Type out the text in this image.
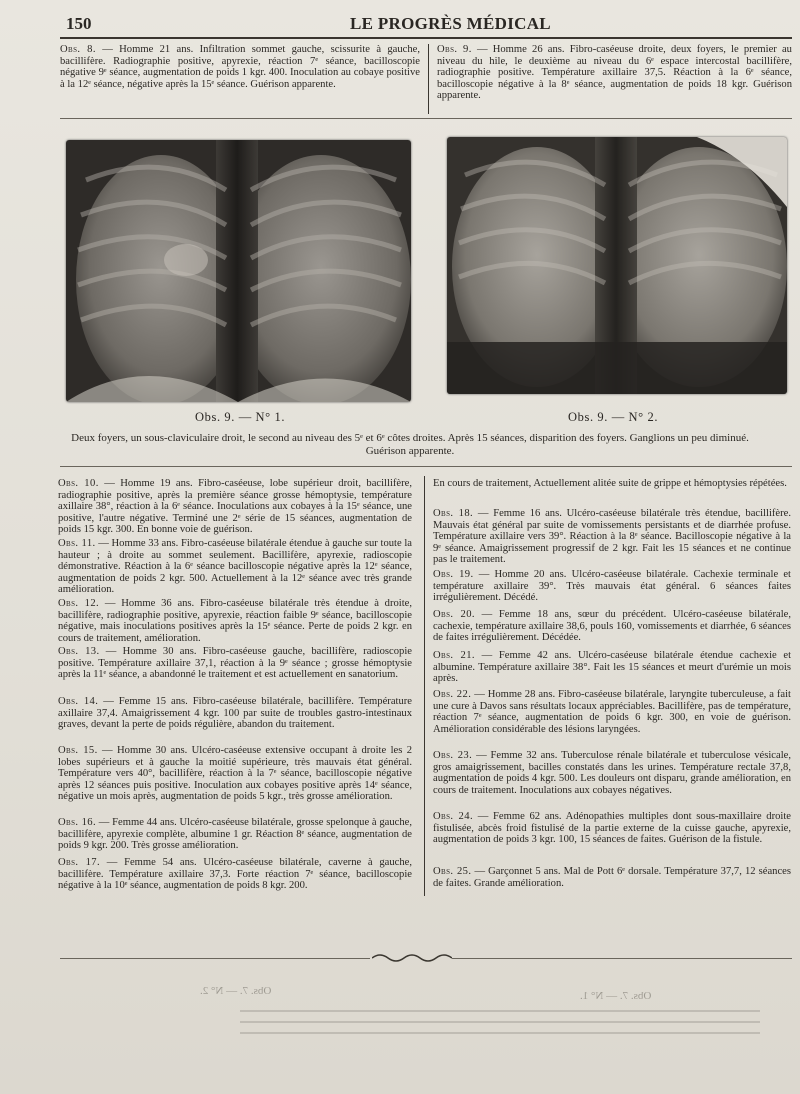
150	LE PROGRÈS MÉDICAL
Obs. 8. — Homme 21 ans. Infiltration sommet gauche, scissurite à gauche, bacillifère. Radiographie positive, apyrexie, réaction 7ᵉ séance, bacilloscopie négative 9ᵉ séance, augmentation de poids 1 kgr. 400. Inoculation au cobaye positive à la 12ᵉ séance, négative après la 15ᵉ séance. Guérison apparente.
Obs. 9. — Homme 26 ans. Fibro-caséeuse droite, deux foyers, le premier au niveau du hile, le deuxième au niveau du 6ᵉ espace intercostal bacillifère, radiographie positive. Température axillaire 37,5. Réaction à la 6ᵉ séance, bacilloscopie négative à la 8ᵉ séance, augmentation de poids 18 kgr. Guérison apparente.
Obs. 9. — N° 1.	Obs. 9. — N° 2.
Deux foyers, un sous-claviculaire droit, le second au niveau des 5ᵉ et 6ᵉ côtes droites. Après 15 séances, disparition des foyers. Ganglions un peu diminué. Guérison apparente.
Obs. 10. — Homme 19 ans. Fibro-caséeuse, lobe supérieur droit, bacillifère, radiographie positive, après la première séance grosse hémoptysie, température axillaire 38°, réaction à la 6ᵉ séance. Inoculations aux cobayes à la 15ᵉ séance, une positive, l'autre négative. Terminé une 2ᵉ série de 15 séances, augmentation de poids 15 kgr. 300. En bonne voie de guérison.
Obs. 11. — Homme 33 ans. Fibro-caséeuse bilatérale étendue à gauche sur toute la hauteur ; à droite au sommet seulement. Bacillifère, apyrexie, radioscopie démonstrative. Réaction à la 6ᵉ séance bacilloscopie négative après la 12ᵉ séance, augmentation de poids 2 kgr. 500. Actuellement à la 12ᵉ séance avec très grande amélioration.
Obs. 12. — Homme 36 ans. Fibro-caséeuse bilatérale très étendue à droite, bacillifère, radiographie positive, apyrexie, réaction faible 9ᵉ séance, bacilloscopie négative, mais inoculations positives après la 15ᵉ séance. Perte de poids 2 kgr. en cours de traitement, amélioration.
Obs. 13. — Homme 30 ans. Fibro-caséeuse gauche, bacillifère, radioscopie positive. Température axillaire 37,1, réaction à la 9ᵉ séance ; grosse hémoptysie après la 11ᵉ séance, a abandonné le traitement et est actuellement en sanatorium.
Obs. 14. — Femme 15 ans. Fibro-caséeuse bilatérale, bacillifère. Température axillaire 37,4. Amaigrissement 4 kgr. 100 par suite de troubles gastro-intestinaux graves, devant la perte de poids régulière, abandon du traitement.
Obs. 15. — Homme 30 ans. Ulcéro-caséeuse extensive occupant à droite les 2 lobes supérieurs et à gauche la moitié supérieure, très mauvais état général. Température vers 40°, bacillifère, réaction à la 7ᵉ séance, bacilloscopie négative après 12 séances puis positive. Inoculation aux cobayes positive après 14ᵉ séance, négative un mois après, augmentation de poids 5 kgr., très grosse amélioration.
Obs. 16. — Femme 44 ans. Ulcéro-caséeuse bilatérale, grosse spelonque à gauche, bacillifère, apyrexie complète, albumine 1 gr. Réaction 8ᵉ séance, augmentation de poids 9 kgr. 200. Très grosse amélioration.
Obs. 17. — Femme 54 ans. Ulcéro-caséeuse bilatérale, caverne à gauche, bacillifère. Température axillaire 37,3. Forte réaction 7ᵉ séance, bacilloscopie négative à la 10ᵉ séance, augmentation de poids 8 kgr. 200.
En cours de traitement, Actuellement alitée suite de grippe et hémoptysies répétées.
Obs. 18. — Femme 16 ans. Ulcéro-caséeuse bilatérale très étendue, bacillifère. Mauvais état général par suite de vomissements persistants et de diarrhée profuse. Température axillaire vers 39°. Réaction à la 8ᵉ séance. Bacilloscopie négative à la 9ᵉ séance. Amaigrissement progressif de 2 kgr. Fait les 15 séances et ne continue pas le traitement.
Obs. 19. — Homme 20 ans. Ulcéro-caséeuse bilatérale. Cachexie terminale et température axillaire 39°. Très mauvais état général. 6 séances faites irrégulièrement. Décédé.
Obs. 20. — Femme 18 ans, sœur du précédent. Ulcéro-caséeuse bilatérale, cachexie, température axillaire 38,6, pouls 160, vomissements et diarrhée, 6 séances de faites irrégulièrement. Décédée.
Obs. 21. — Femme 42 ans. Ulcéro-caséeuse bilatérale étendue cachexie et albumine. Température axillaire 38°. Fait les 15 séances et meurt d'urémie un mois après.
Obs. 22. — Homme 28 ans. Fibro-caséeuse bilatérale, laryngite tuberculeuse, a fait une cure à Davos sans résultats locaux appréciables. Bacillifère, pas de température, réaction 7ᵉ séance, augmentation de poids 6 kgr. 300, en voie de guérison. Amélioration considérable des lésions laryngées.
Obs. 23. — Femme 32 ans. Tuberculose rénale bilatérale et tuberculose vésicale, gros amaigrissement, bacilles constatés dans les urines. Température rectale 37,8, augmentation de poids 4 kgr. 500. Les douleurs ont disparu, grande amélioration, en cours de traitement. Inoculations aux cobayes négatives.
Obs. 24. — Femme 62 ans. Adénopathies multiples dont sous-maxillaire droite fistulisée, abcès froid fistulisé de la partie externe de la cuisse gauche, apyrexie, augmentation de poids 3 kgr. 100, 15 séances de faites. Guérison de la fistule.
Obs. 25. — Garçonnet 5 ans. Mal de Pott 6ᵉ dorsale. Température 37,7, 12 séances de faites. Grande amélioration.
Obs. 7. — N° 2.	Obs. 7. — N° 1.
